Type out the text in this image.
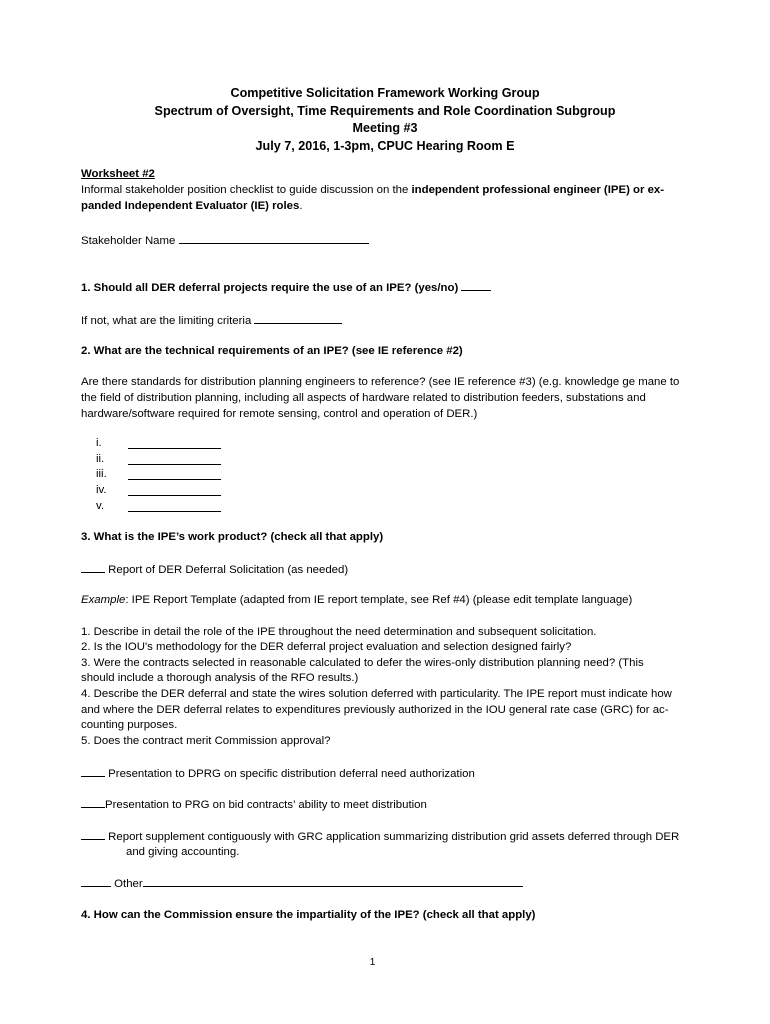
Competitive Solicitation Framework Working Group
Spectrum of Oversight, Time Requirements and Role Coordination Subgroup
Meeting #3
July 7, 2016, 1-3pm, CPUC Hearing Room E
Worksheet #2
Informal stakeholder position checklist to guide discussion on the independent professional engineer (IPE) or ex-
panded Independent Evaluator (IE) roles.
Stakeholder Name
1. Should all DER deferral projects require the use of an IPE? (yes/no)
If not, what are the limiting criteria
2. What are the technical requirements of an IPE? (see IE reference #2)
Are there standards for distribution planning engineers to reference? (see IE reference #3) (e.g. knowledge ge mane to
the field of distribution planning, including all aspects of hardware related to distribution feeders, substations and
hardware/software required for remote sensing, control and operation of DER.)
i.
ii.
iii.
iv.
v.
3. What is the IPE’s work product? (check all that apply)
Report of DER Deferral Solicitation (as needed)
Example: IPE Report Template (adapted from IE report template, see Ref #4) (please edit template language)
1. Describe in detail the role of the IPE throughout the need determination and subsequent solicitation.
2. Is the IOU's methodology for the DER deferral project evaluation and selection designed fairly?
3. Were the contracts selected in reasonable calculated to defer the wires-only distribution planning need? (This
should include a thorough analysis of the RFO results.)
4. Describe the DER deferral and state the wires solution deferred with particularity. The IPE report must indicate how
and where the DER deferral relates to expenditures previously authorized in the IOU general rate case (GRC) for ac-
counting purposes.
5. Does the contract merit Commission approval?
Presentation to DPRG on specific distribution deferral need authorization
Presentation to PRG on bid contracts’ ability to meet distribution
Report supplement contiguously with GRC application summarizing distribution grid assets deferred through DER
and giving accounting.
Other
4. How can the Commission ensure the impartiality of the IPE? (check all that apply)
1
